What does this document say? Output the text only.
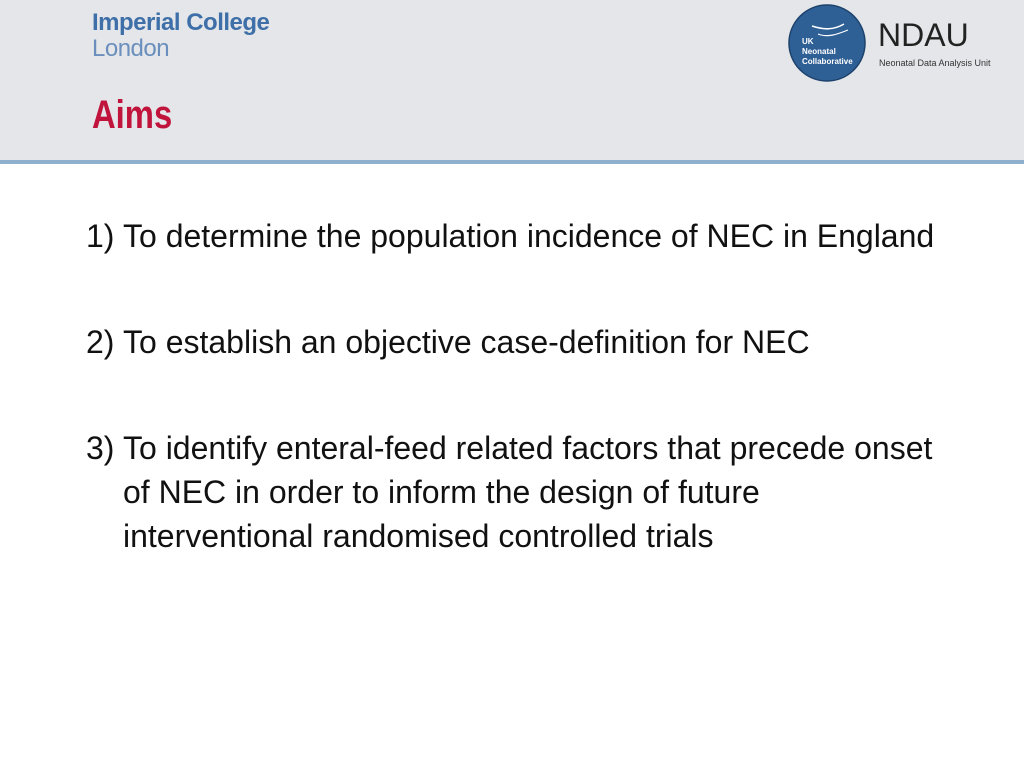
Imperial College
London
Aims
UK
Neonatal
Collaborative
NDAU
Neonatal Data Analysis Unit
1) To determine the population incidence of NEC in England
2) To establish an objective case-definition for NEC
3) To identify enteral-feed related factors that precede onset of NEC in order to inform the design of future interventional randomised controlled trials
